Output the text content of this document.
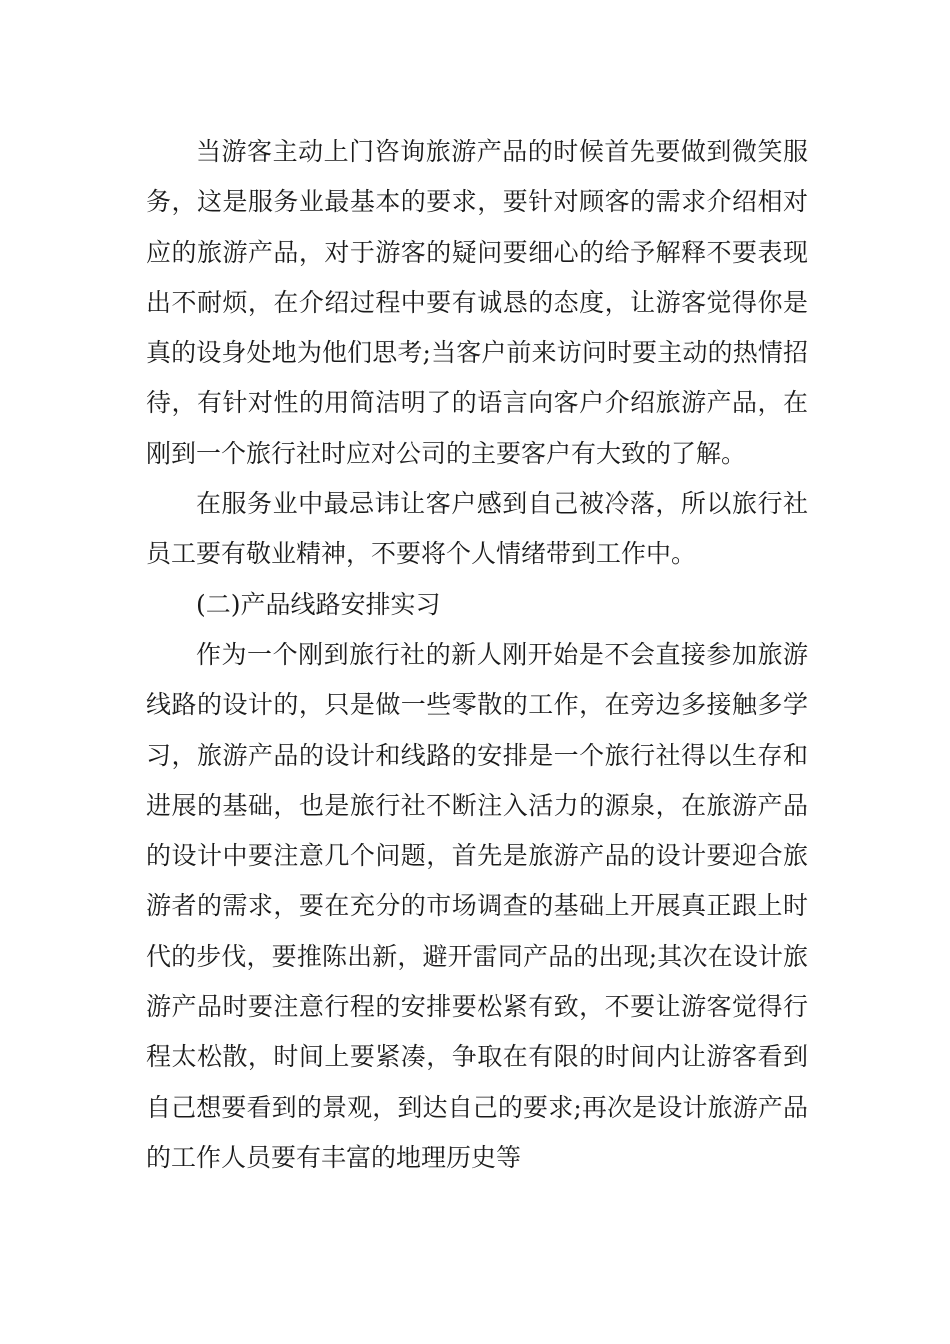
当游客主动上门咨询旅游产品的时候首先要做到微笑服务，这是服务业最基本的要求，要针对顾客的需求介绍相对应的旅游产品，对于游客的疑问要细心的给予解释不要表现出不耐烦，在介绍过程中要有诚恳的态度，让游客觉得你是真的设身处地为他们思考;当客户前来访问时要主动的热情招待，有针对性的用简洁明了的语言向客户介绍旅游产品，在刚到一个旅行社时应对公司的主要客户有大致的了解。

在服务业中最忌讳让客户感到自己被冷落，所以旅行社员工要有敬业精神，不要将个人情绪带到工作中。

(二)产品线路安排实习

作为一个刚到旅行社的新人刚开始是不会直接参加旅游线路的设计的，只是做一些零散的工作，在旁边多接触多学习，旅游产品的设计和线路的安排是一个旅行社得以生存和进展的基础，也是旅行社不断注入活力的源泉，在旅游产品的设计中要注意几个问题，首先是旅游产品的设计要迎合旅游者的需求，要在充分的市场调查的基础上开展真正跟上时代的步伐，要推陈出新，避开雷同产品的出现;其次在设计旅游产品时要注意行程的安排要松紧有致，不要让游客觉得行程太松散，时间上要紧凑，争取在有限的时间内让游客看到自己想要看到的景观，到达自己的要求;再次是设计旅游产品的工作人员要有丰富的地理历史等
